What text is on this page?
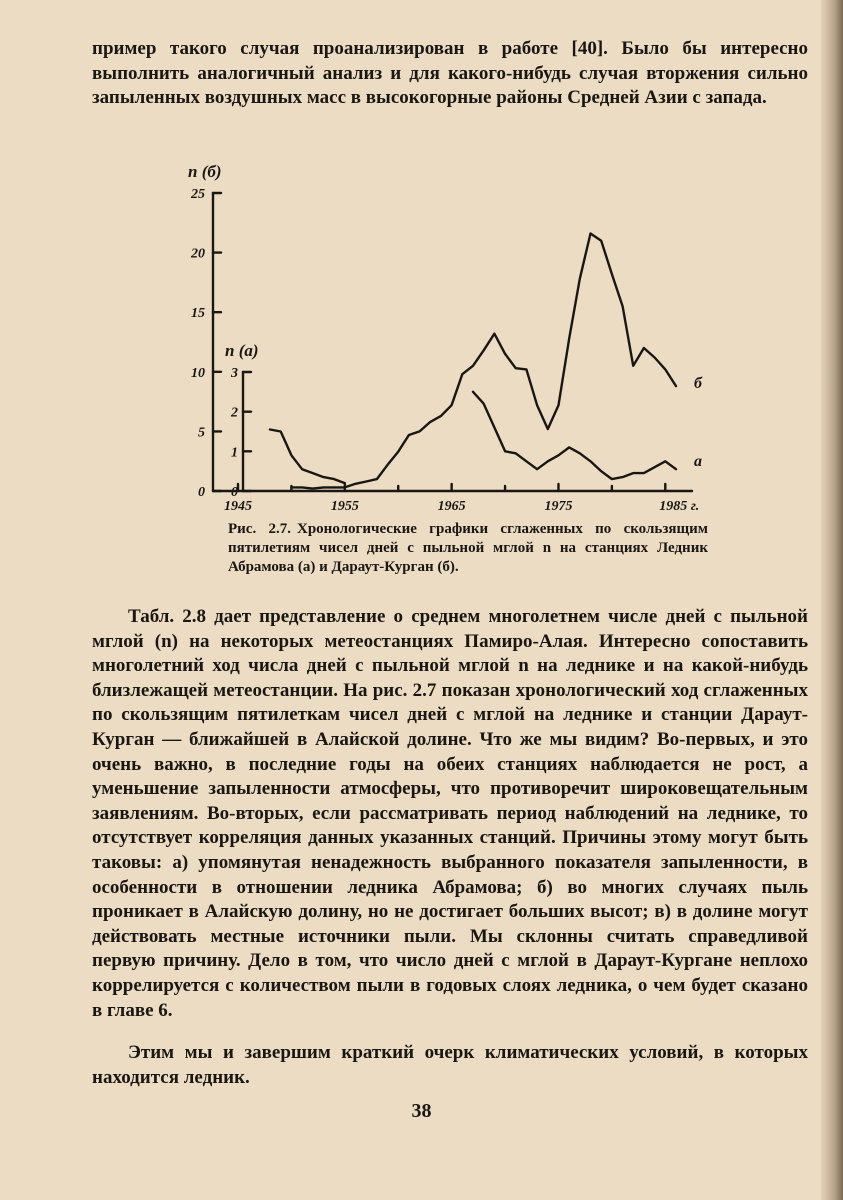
пример такого случая проанализирован в работе [40]. Было бы интересно выполнить аналогичный анализ и для какого-нибудь случая вторжения сильно запыленных воздушных масс в высокогорные районы Средней Азии с запада.

0
5
10
15
20
25
n (б)
0
1
2
3
n (а)
1945	1955	1965	1975	1985 г.
б
а

Рис. 2.7. Хронологические графики сглаженных по скользящим пятилетиям чисел дней с пыльной мглой n на станциях Ледник Абрамова (а) и Дараут-Курган (б).

Табл. 2.8 дает представление о среднем многолетнем числе дней с пыльной мглой (n) на некоторых метеостанциях Памиро-Алая. Интересно сопоставить многолетний ход числа дней с пыльной мглой n на леднике и на какой-нибудь близлежащей метеостанции. На рис. 2.7 показан хронологический ход сглаженных по скользящим пятилеткам чисел дней с мглой на леднике и станции Дараут-Курган — ближайшей в Алайской долине. Что же мы видим? Во-первых, и это очень важно, в последние годы на обеих станциях наблюдается не рост, а уменьшение запыленности атмосферы, что противоречит широковещательным заявлениям. Во-вторых, если рассматривать период наблюдений на леднике, то отсутствует корреляция данных указанных станций. Причины этому могут быть таковы: а) упомянутая ненадежность выбранного показателя запыленности, в особенности в отношении ледника Абрамова; б) во многих случаях пыль проникает в Алайскую долину, но не достигает больших высот; в) в долине могут действовать местные источники пыли. Мы склонны считать справедливой первую причину. Дело в том, что число дней с мглой в Дараут-Кургане неплохо коррелируется с количеством пыли в годовых слоях ледника, о чем будет сказано в главе 6.

Этим мы и завершим краткий очерк климатических условий, в которых находится ледник.

38
